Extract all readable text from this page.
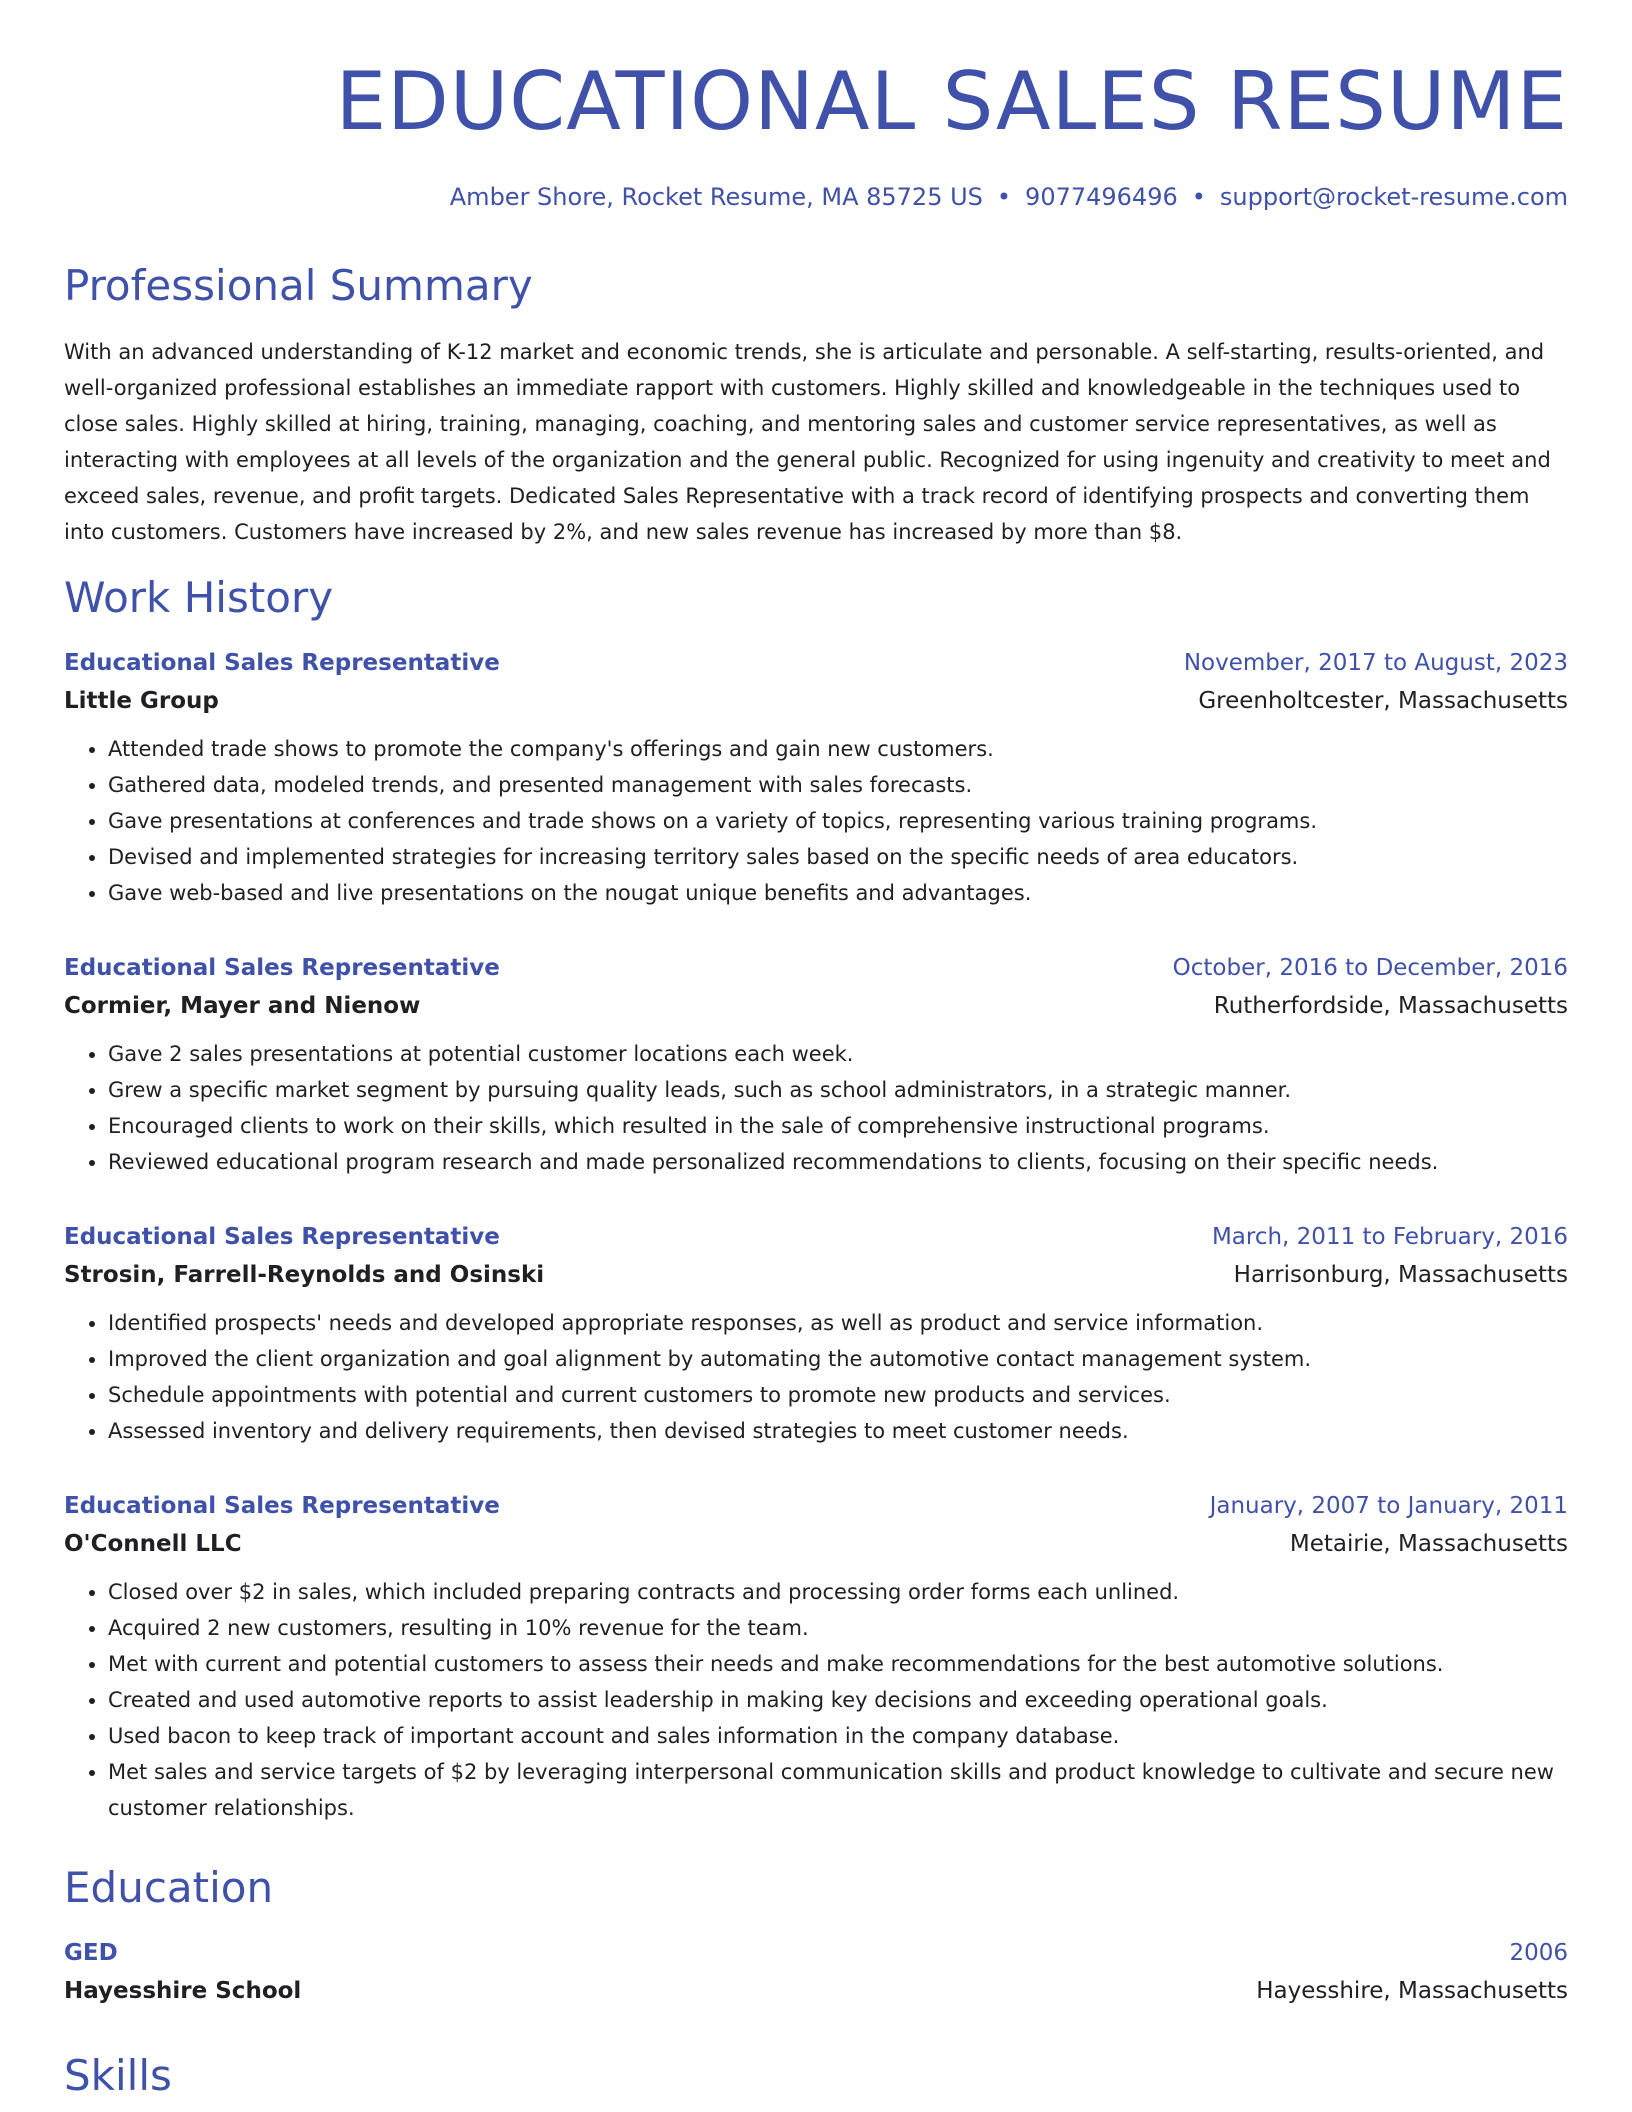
EDUCATIONAL SALES RESUME
Amber Shore, Rocket Resume, MA 85725 US • 9077496496 • support@rocket-resume.com
Professional Summary

With an advanced understanding of K-12 market and economic trends, she is articulate and personable. A self-starting, results-oriented, and well-organized professional establishes an immediate rapport with customers. Highly skilled and knowledgeable in the techniques used to close sales. Highly skilled at hiring, training, managing, coaching, and mentoring sales and customer service representatives, as well as interacting with employees at all levels of the organization and the general public. Recognized for using ingenuity and creativity to meet and exceed sales, revenue, and profit targets. Dedicated Sales Representative with a track record of identifying prospects and converting them into customers. Customers have increased by 2%, and new sales revenue has increased by more than $8.

Work History
Educational Sales Representative	November, 2017 to August, 2023
Little Group	Greenholtcester, Massachusetts
• Attended trade shows to promote the company's offerings and gain new customers.
• Gathered data, modeled trends, and presented management with sales forecasts.
• Gave presentations at conferences and trade shows on a variety of topics, representing various training programs.
• Devised and implemented strategies for increasing territory sales based on the specific needs of area educators.
• Gave web-based and live presentations on the nougat unique benefits and advantages.
Educational Sales Representative	October, 2016 to December, 2016
Cormier, Mayer and Nienow	Rutherfordside, Massachusetts
• Gave 2 sales presentations at potential customer locations each week.
• Grew a specific market segment by pursuing quality leads, such as school administrators, in a strategic manner.
• Encouraged clients to work on their skills, which resulted in the sale of comprehensive instructional programs.
• Reviewed educational program research and made personalized recommendations to clients, focusing on their specific needs.
Educational Sales Representative	March, 2011 to February, 2016
Strosin, Farrell-Reynolds and Osinski	Harrisonburg, Massachusetts
• Identified prospects' needs and developed appropriate responses, as well as product and service information.
• Improved the client organization and goal alignment by automating the automotive contact management system.
• Schedule appointments with potential and current customers to promote new products and services.
• Assessed inventory and delivery requirements, then devised strategies to meet customer needs.
Educational Sales Representative	January, 2007 to January, 2011
O'Connell LLC	Metairie, Massachusetts
• Closed over $2 in sales, which included preparing contracts and processing order forms each unlined.
• Acquired 2 new customers, resulting in 10% revenue for the team.
• Met with current and potential customers to assess their needs and make recommendations for the best automotive solutions.
• Created and used automotive reports to assist leadership in making key decisions and exceeding operational goals.
• Used bacon to keep track of important account and sales information in the company database.
• Met sales and service targets of $2 by leveraging interpersonal communication skills and product knowledge to cultivate and secure new customer relationships.
Education
GED	2006
Hayesshire School	Hayesshire, Massachusetts
Skills
